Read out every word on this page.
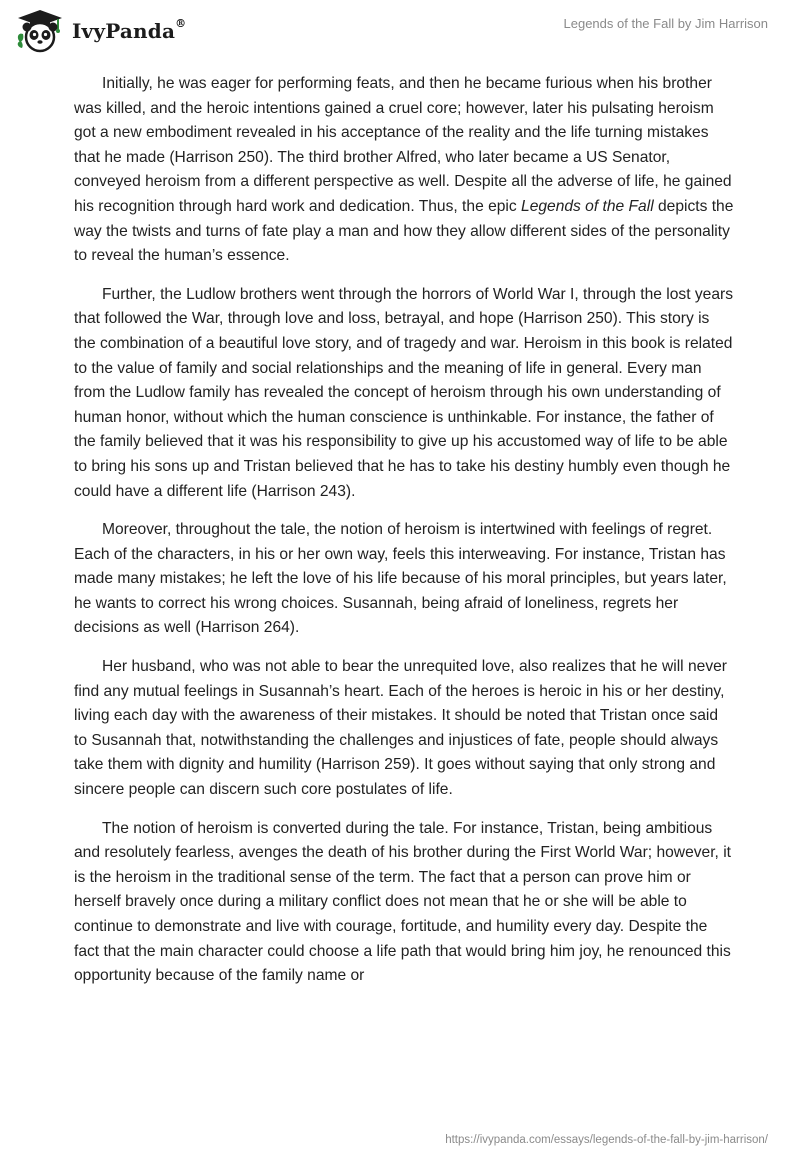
IvyPanda®	Legends of the Fall by Jim Harrison

Initially, he was eager for performing feats, and then he became furious when his brother was killed, and the heroic intentions gained a cruel core; however, later his pulsating heroism got a new embodiment revealed in his acceptance of the reality and the life turning mistakes that he made (Harrison 250). The third brother Alfred, who later became a US Senator, conveyed heroism from a different perspective as well. Despite all the adverse of life, he gained his recognition through hard work and dedication. Thus, the epic Legends of the Fall depicts the way the twists and turns of fate play a man and how they allow different sides of the personality to reveal the human’s essence.

Further, the Ludlow brothers went through the horrors of World War I, through the lost years that followed the War, through love and loss, betrayal, and hope (Harrison 250). This story is the combination of a beautiful love story, and of tragedy and war. Heroism in this book is related to the value of family and social relationships and the meaning of life in general. Every man from the Ludlow family has revealed the concept of heroism through his own understanding of human honor, without which the human conscience is unthinkable. For instance, the father of the family believed that it was his responsibility to give up his accustomed way of life to be able to bring his sons up and Tristan believed that he has to take his destiny humbly even though he could have a different life (Harrison 243).

Moreover, throughout the tale, the notion of heroism is intertwined with feelings of regret. Each of the characters, in his or her own way, feels this interweaving. For instance, Tristan has made many mistakes; he left the love of his life because of his moral principles, but years later, he wants to correct his wrong choices. Susannah, being afraid of loneliness, regrets her decisions as well (Harrison 264).

Her husband, who was not able to bear the unrequited love, also realizes that he will never find any mutual feelings in Susannah’s heart. Each of the heroes is heroic in his or her destiny, living each day with the awareness of their mistakes. It should be noted that Tristan once said to Susannah that, notwithstanding the challenges and injustices of fate, people should always take them with dignity and humility (Harrison 259). It goes without saying that only strong and sincere people can discern such core postulates of life.

The notion of heroism is converted during the tale. For instance, Tristan, being ambitious and resolutely fearless, avenges the death of his brother during the First World War; however, it is the heroism in the traditional sense of the term. The fact that a person can prove him or herself bravely once during a military conflict does not mean that he or she will be able to continue to demonstrate and live with courage, fortitude, and humility every day. Despite the fact that the main character could choose a life path that would bring him joy, he renounced this opportunity because of the family name or

https://ivypanda.com/essays/legends-of-the-fall-by-jim-harrison/
